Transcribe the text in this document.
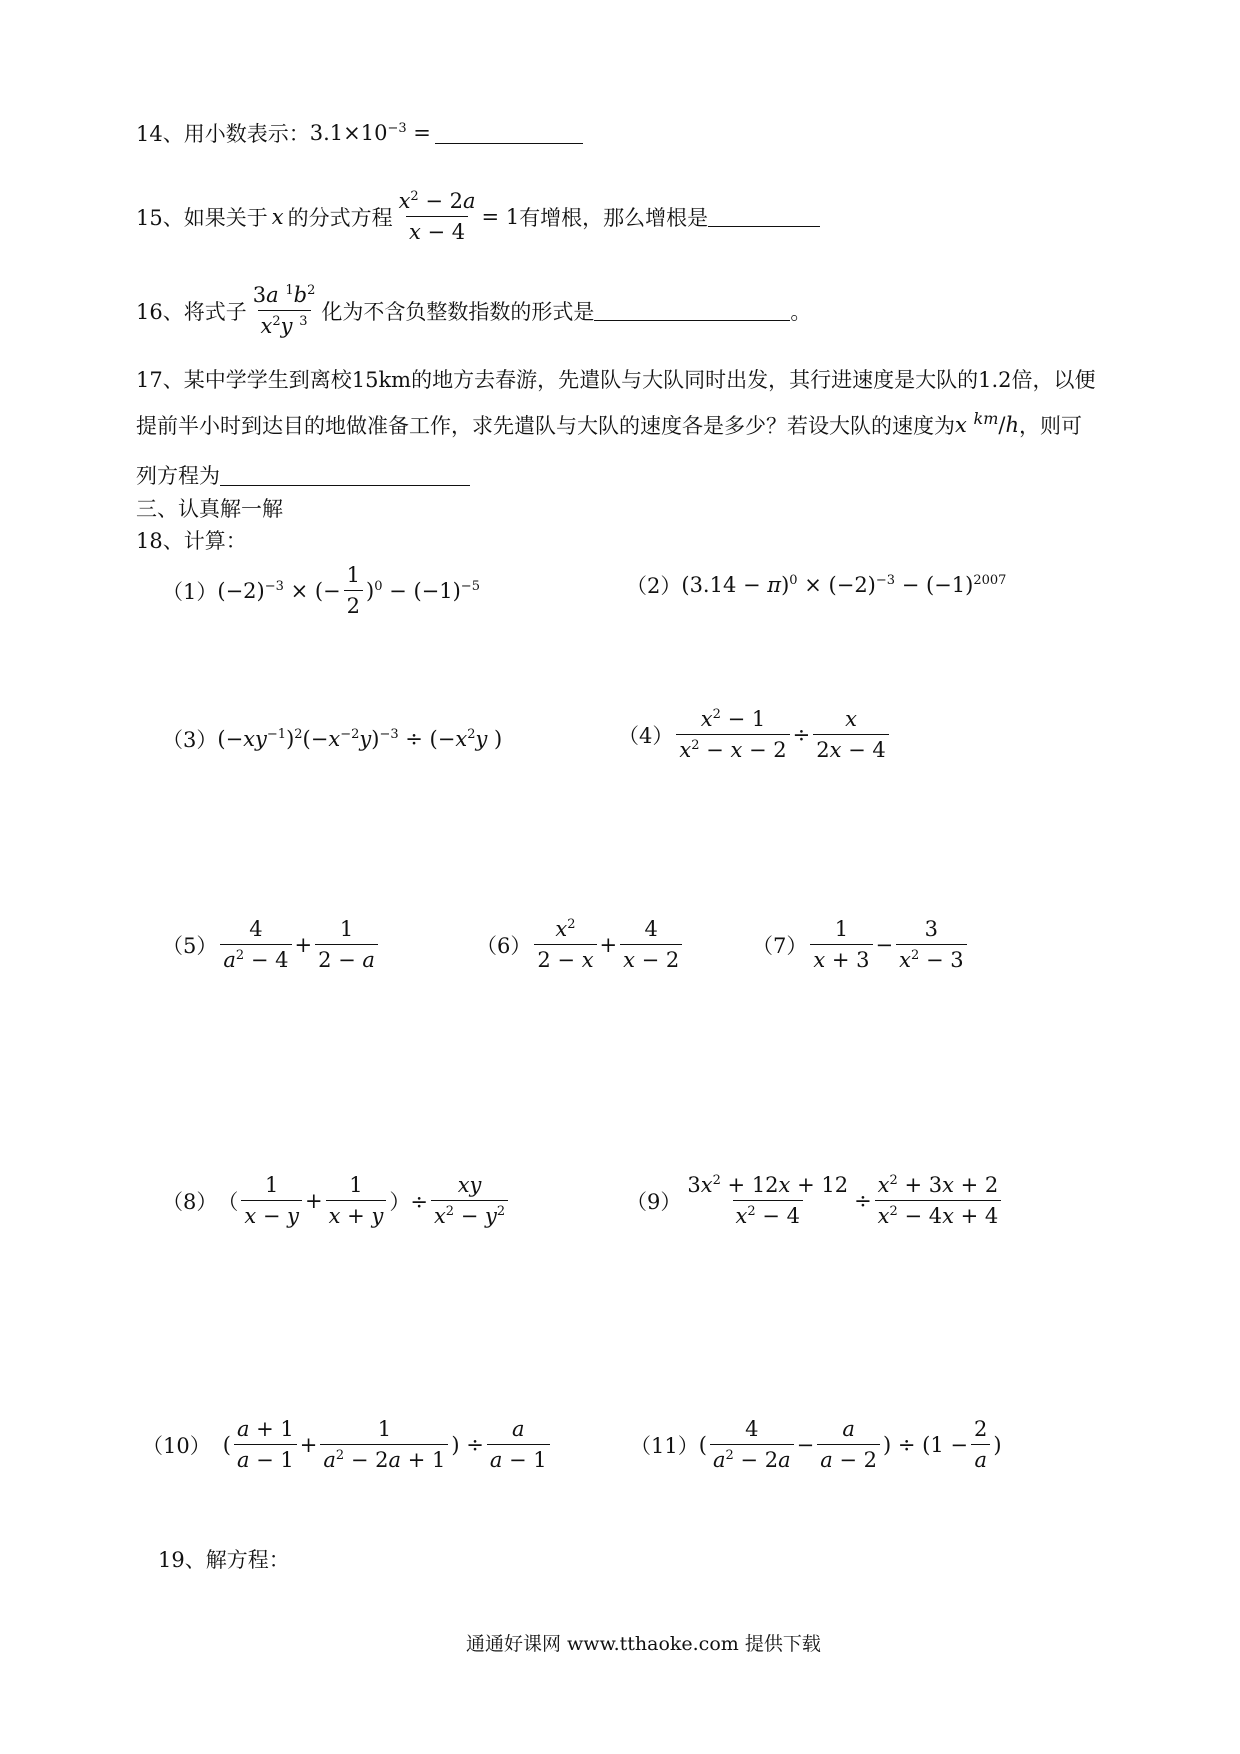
14、用小数表示： $3.1\times 10^{-3}$ =
15、如果关于 x 的分式方程 $\frac{x^2 - 2a}{x - 4} = 1$ 有增根，那么增根是
16、将式子 $\frac{3a ^1b^2}{x^2y ^3}$ 化为不含负整数指数的形式是	。
17、某中学学生到离校15km的地方去春游，先遣队与大队同时出发，其行进速度是大队的1.2倍，以便
提前半小时到达目的地做准备工作，求先遣队与大队的速度各是多少？若设大队的速度为 x $^{km}$/h ，则可
列方程为
三、认真解一解
18、计算：
（1） $(-2)^{-3}$ × (− $\frac{1}{2} )^0 - (-1)^{-5}$	（2） $(3.14 - \pi)^0 \times (-2)^{-3} - (-1)^{2007}$
（3） $(-xy^{-1})^2(-x^{-2}y)^{-3} \div (-x^2y$ )	$(4) \frac{x^2 - 1}{x^2 - x - 2} \div \frac{x}{2x - 4}$
$(5) \frac{4}{a^2 - 4} + \frac{1}{2 - a}$	$(6) \frac{x^2}{2 - x} + \frac{4}{x - 2}$	$(7) \frac{1}{x + 3} - \frac{3}{x^2 - 3}$
（8） （ $\frac{1}{x - y} + \frac{1}{x + y}$ ）÷ $\frac{xy}{x^2 - y^2}$	$(9) \frac{3x^2 + 12x + 12}{x^2 - 4} \div \frac{x^2 + 3x + 2}{x^2 - 4x + 4}$
（10） ( $\frac{a + 1}{a - 1} + \frac{1}{a^2 - 2a + 1}$ ) ÷ $\frac{a}{a - 1}$	（11） ( $\frac{4}{a^2 - 2a} - \frac{a}{a - 2}$ ) ÷ ($1 - \frac{2}{a}$ )
19、解方程：
通通好课网 www.tthaoke.com 提供下载
